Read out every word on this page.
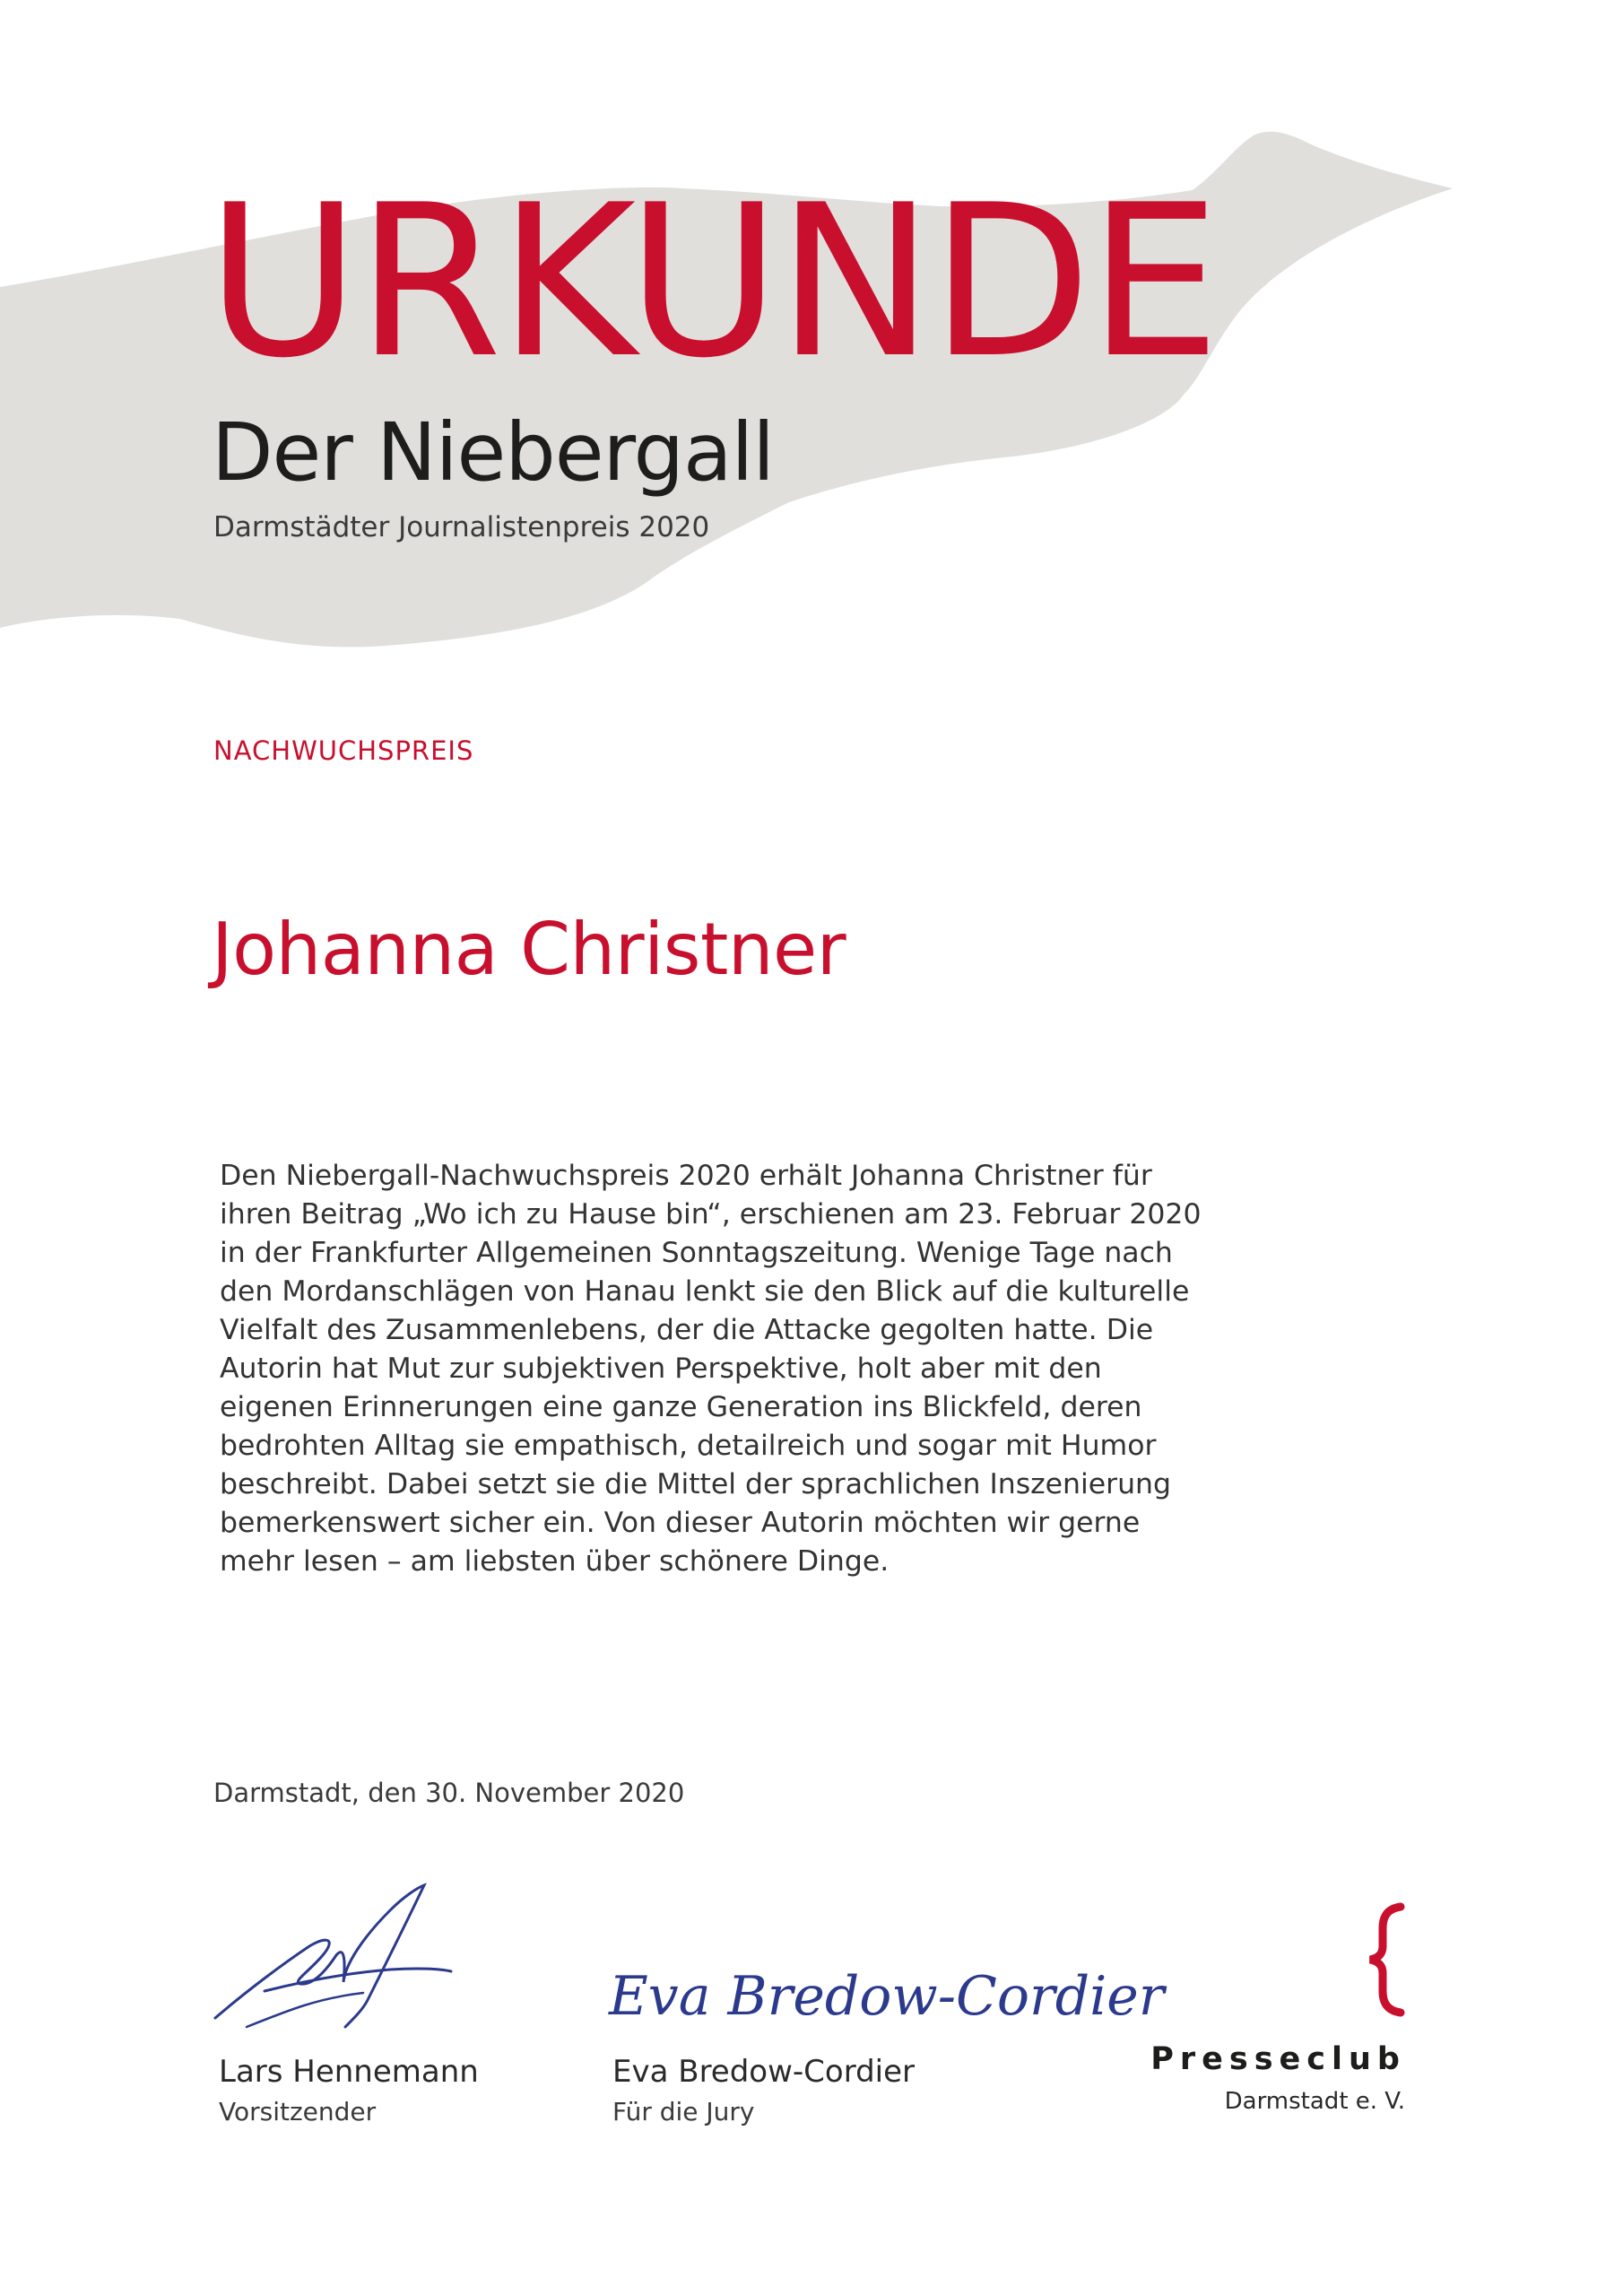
URKUNDE
Der Niebergall
Darmstädter Journalistenpreis 2020
NACHWUCHSPREIS
Johanna Christner

Den Niebergall-Nachwuchspreis 2020 erhält Johanna Christner für

ihren Beitrag „Wo ich zu Hause bin“, erschienen am 23. Februar 2020

in der Frankfurter Allgemeinen Sonntagszeitung. Wenige Tage nach

den Mordanschlägen von Hanau lenkt sie den Blick auf die kulturelle

Vielfalt des Zusammenlebens, der die Attacke gegolten hatte. Die

Autorin hat Mut zur subjektiven Perspektive, holt aber mit den

eigenen Erinnerungen eine ganze Generation ins Blickfeld, deren

bedrohten Alltag sie empathisch, detailreich und sogar mit Humor

beschreibt. Dabei setzt sie die Mittel der sprachlichen Inszenierung

bemerkenswert sicher ein. Von dieser Autorin möchten wir gerne

mehr lesen – am liebsten über schönere Dinge.

Darmstadt, den 30. November 2020
Eva Bredow-Cordier
Lars Hennemann
Vorsitzender
Eva Bredow-Cordier
Für die Jury
Presseclub
Darmstadt e. V.
